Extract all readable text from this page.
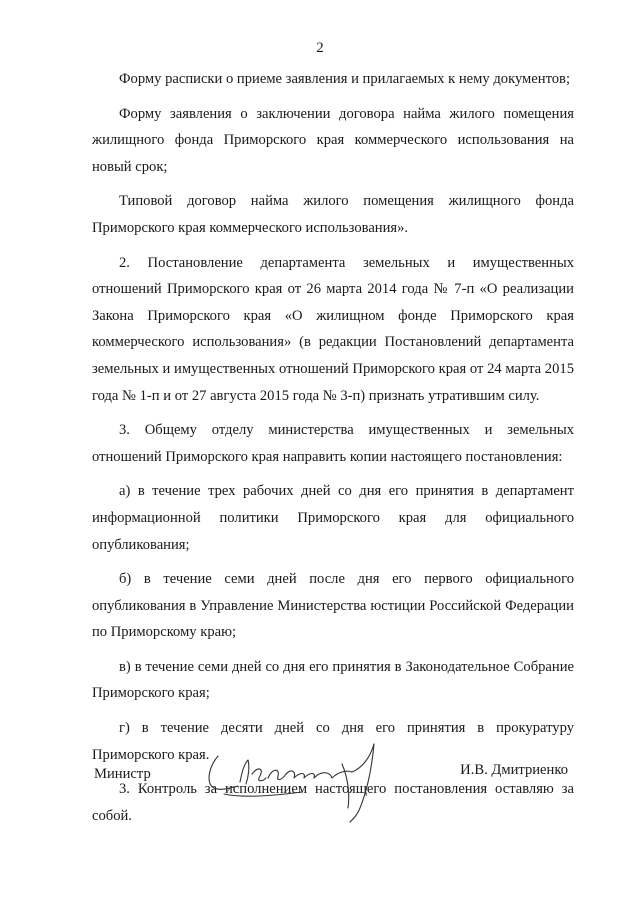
2

Форму расписки о приеме заявления и прилагаемых к нему документов;

Форму заявления о заключении договора найма жилого помещения жилищного фонда Приморского края коммерческого использования на новый срок;

Типовой договор найма жилого помещения жилищного фонда Приморского края коммерческого использования».

2. Постановление департамента земельных и имущественных отношений Приморского края от 26 марта 2014 года № 7-п «О реализации Закона Приморского края «О жилищном фонде Приморского края коммерческого использования» (в редакции Постановлений департамента земельных и имущественных отношений Приморского края от 24 марта 2015 года № 1-п и от 27 августа 2015 года № 3-п) признать утратившим силу.

3. Общему отделу министерства имущественных и земельных отношений Приморского края направить копии настоящего постановления:

а) в течение трех рабочих дней со дня его принятия в департамент информационной политики Приморского края для официального опубликования;

б) в течение семи дней после дня его первого официального опубликования в Управление Министерства юстиции Российской Федерации по Приморскому краю;

в) в течение семи дней со дня его принятия в Законодательное Собрание Приморского края;

г) в течение десяти дней со дня его принятия в прокуратуру Приморского края.

3. Контроль за исполнением настоящего постановления оставляю за собой.

Министр	И.В. Дмитриенко
